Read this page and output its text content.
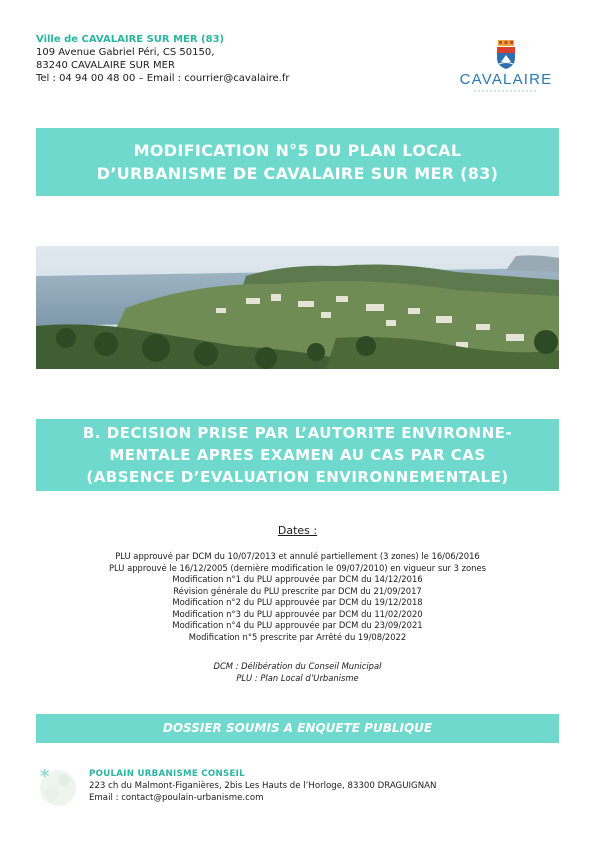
Ville de CAVALAIRE SUR MER (83)
109 Avenue Gabriel Péri, CS 50150,
83240 CAVALAIRE SUR MER
Tel : 04 94 00 48 00 – Email : courrier@cavalaire.fr	CAVALAIRE
MODIFICATION N°5 DU PLAN LOCAL
D’URBANISME DE CAVALAIRE SUR MER (83)
B. DECISION PRISE PAR L’AUTORITE ENVIRONNE-
MENTALE APRES EXAMEN AU CAS PAR CAS
(ABSENCE D’EVALUATION ENVIRONNEMENTALE)
Dates :
PLU approuvé par DCM du 10/07/2013 et annulé partiellement (3 zones) le 16/06/2016
PLU approuvé le 16/12/2005 (dernière modification le 09/07/2010) en vigueur sur 3 zones
Modification n°1 du PLU approuvée par DCM du 14/12/2016
Révision générale du PLU prescrite par DCM du 21/09/2017
Modification n°2 du PLU approuvée par DCM du 19/12/2018
Modification n°3 du PLU approuvée par DCM du 11/02/2020
Modification n°4 du PLU approuvée par DCM du 23/09/2021
Modification n°5 prescrite par Arrêté du 19/08/2022
DCM : Délibération du Conseil Municipal
PLU : Plan Local d’Urbanisme
DOSSIER SOUMIS A ENQUETE PUBLIQUE
*	POULAIN URBANISME CONSEIL
223 ch du Malmont-Figanières, 2bis Les Hauts de l’Horloge, 83300 DRAGUIGNAN
Email : contact@poulain-urbanisme.com
